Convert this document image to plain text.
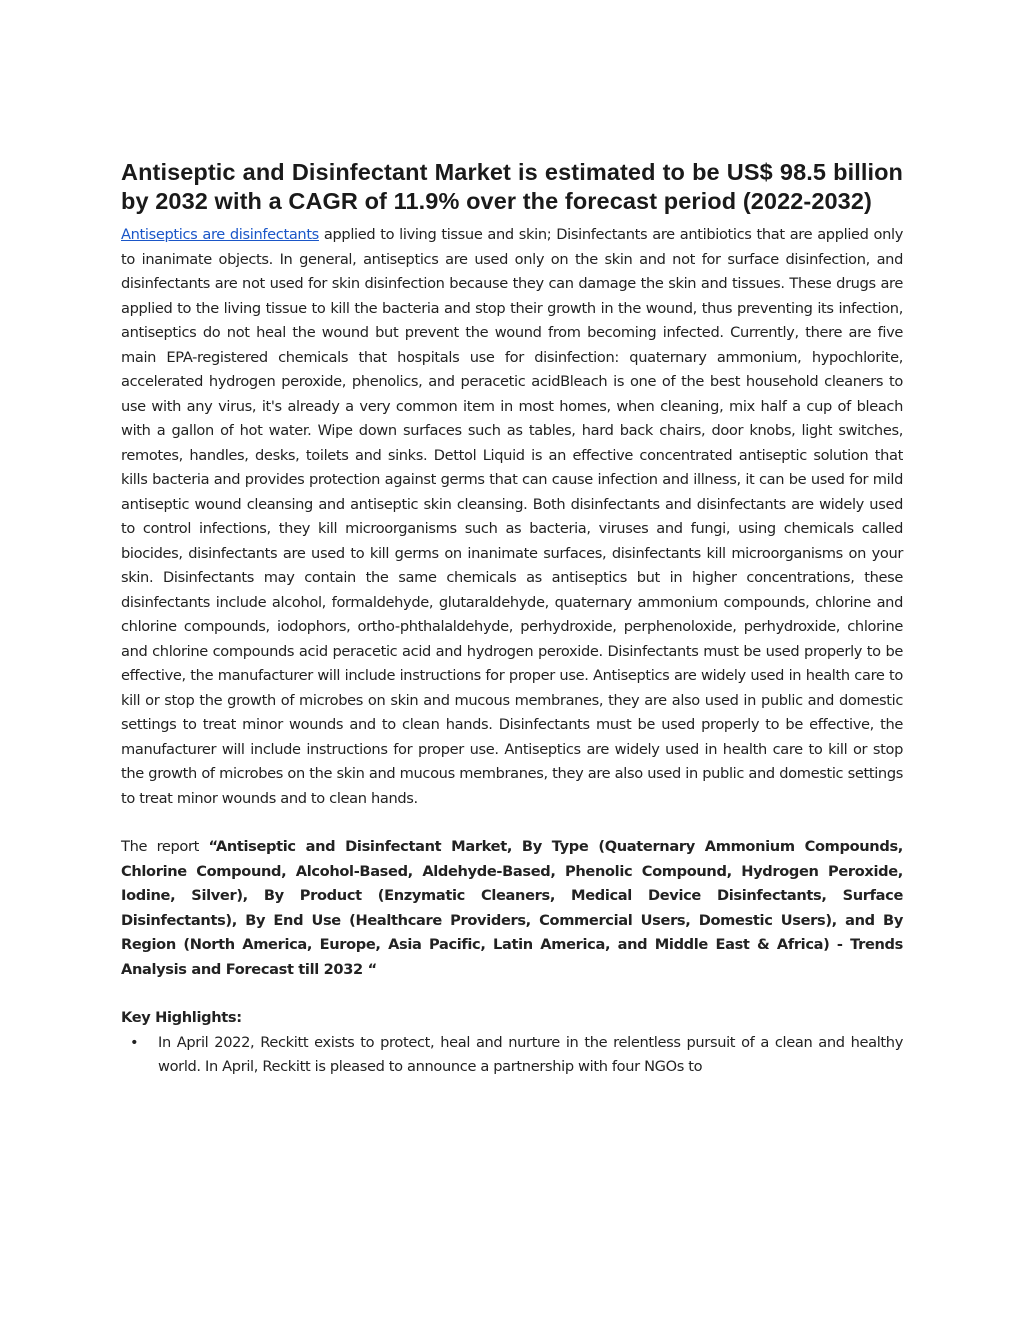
Antiseptic and Disinfectant Market is estimated to be US$ 98.5 billion by 2032 with a CAGR of 11.9% over the forecast period (2022-2032)

Antiseptics are disinfectants applied to living tissue and skin; Disinfectants are antibiotics that are applied only to inanimate objects. In general, antiseptics are used only on the skin and not for surface disinfection, and disinfectants are not used for skin disinfection because they can damage the skin and tissues. These drugs are applied to the living tissue to kill the bacteria and stop their growth in the wound, thus preventing its infection, antiseptics do not heal the wound but prevent the wound from becoming infected. Currently, there are five main EPA-registered chemicals that hospitals use for disinfection: quaternary ammonium, hypochlorite, accelerated hydrogen peroxide, phenolics, and peracetic acidBleach is one of the best household cleaners to use with any virus, it's already a very common item in most homes, when cleaning, mix half a cup of bleach with a gallon of hot water. Wipe down surfaces such as tables, hard back chairs, door knobs, light switches, remotes, handles, desks, toilets and sinks. Dettol Liquid is an effective concentrated antiseptic solution that kills bacteria and provides protection against germs that can cause infection and illness, it can be used for mild antiseptic wound cleansing and antiseptic skin cleansing. Both disinfectants and disinfectants are widely used to control infections, they kill microorganisms such as bacteria, viruses and fungi, using chemicals called biocides, disinfectants are used to kill germs on inanimate surfaces, disinfectants kill microorganisms on your skin. Disinfectants may contain the same chemicals as antiseptics but in higher concentrations, these disinfectants include alcohol, formaldehyde, glutaraldehyde, quaternary ammonium compounds, chlorine and chlorine compounds, iodophors, ortho-phthalaldehyde, perhydroxide, perphenoloxide, perhydroxide, chlorine and chlorine compounds acid peracetic acid and hydrogen peroxide. Disinfectants must be used properly to be effective, the manufacturer will include instructions for proper use. Antiseptics are widely used in health care to kill or stop the growth of microbes on skin and mucous membranes, they are also used in public and domestic settings to treat minor wounds and to clean hands. Disinfectants must be used properly to be effective, the manufacturer will include instructions for proper use. Antiseptics are widely used in health care to kill or stop the growth of microbes on the skin and mucous membranes, they are also used in public and domestic settings to treat minor wounds and to clean hands.

The report “Antiseptic and Disinfectant Market, By Type (Quaternary Ammonium Compounds, Chlorine Compound, Alcohol-Based, Aldehyde-Based, Phenolic Compound, Hydrogen Peroxide, Iodine, Silver), By Product (Enzymatic Cleaners, Medical Device Disinfectants, Surface Disinfectants), By End Use (Healthcare Providers, Commercial Users, Domestic Users), and By Region (North America, Europe, Asia Pacific, Latin America, and Middle East & Africa) - Trends Analysis and Forecast till 2032 “

Key Highlights:

• In April 2022, Reckitt exists to protect, heal and nurture in the relentless pursuit of a clean and healthy world. In April, Reckitt is pleased to announce a partnership with four NGOs to
